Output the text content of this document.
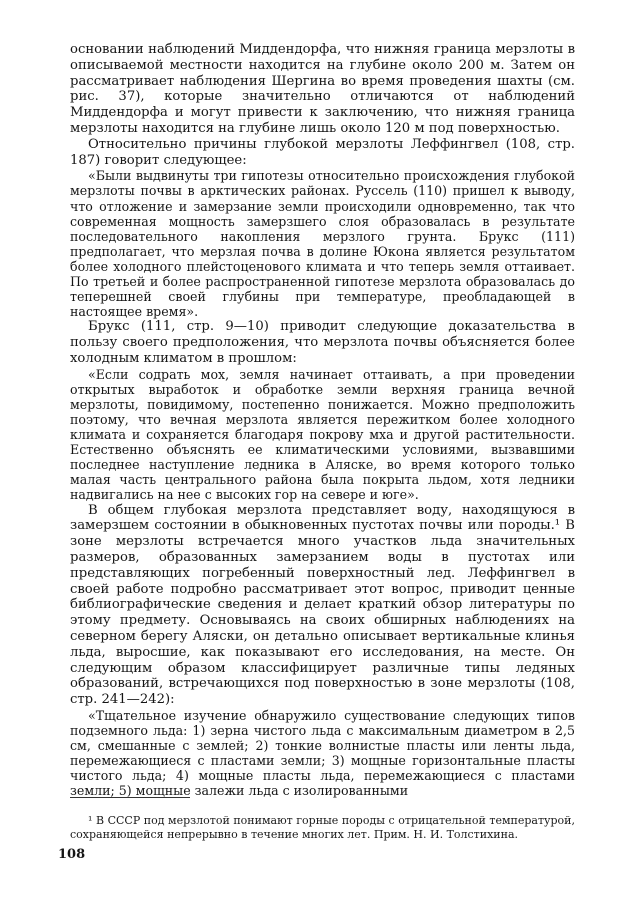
основании наблюдений Миддендорфа, что нижняя граница мерзлоты в описываемой местности находится на глубине около 200 м. Затем он рассматривает наблюдения Шергина во время проведения шахты (см. рис. 37), которые значительно отличаются от наблюдений Миддендорфа и могут привести к заключению, что нижняя граница мерзлоты находится на глубине лишь около 120 м под поверхностью.

Относительно причины глубокой мерзлоты Леффингвел (108, стр. 187) говорит следующее:

«Были выдвинуты три гипотезы относительно происхождения глубокой мерзлоты почвы в арктических районах. Руссель (110) пришел к выводу, что отложение и замерзание земли происходили одновременно, так что современная мощность замерзшего слоя образовалась в результате последовательного накопления мерзлого грунта. Брукс (111) предполагает, что мерзлая почва в долине Юкона является результатом более холодного плейстоценового климата и что теперь земля оттаивает. По третьей и более распространенной гипотезе мерзлота образовалась до теперешней своей глубины при температуре, преобладающей в настоящее время».

Брукс (111, стр. 9—10) приводит следующие доказательства в пользу своего предположения, что мерзлота почвы объясняется более холодным климатом в прошлом:

«Если содрать мох, земля начинает оттаивать, а при проведении открытых выработок и обработке земли верхняя граница вечной мерзлоты, повидимому, постепенно понижается. Можно предположить поэтому, что вечная мерзлота является пережитком более холодного климата и сохраняется благодаря покрову мха и другой растительности. Естественно объяснять ее климатическими условиями, вызвавшими последнее наступление ледника в Аляске, во время которого только малая часть центрального района была покрыта льдом, хотя ледники надвигались на нее с высоких гор на севере и юге».

В общем глубокая мерзлота представляет воду, находящуюся в замерзшем состоянии в обыкновенных пустотах почвы или породы.¹ В зоне мерзлоты встречается много участков льда значительных размеров, образованных замерзанием воды в пустотах или представляющих погребенный поверхностный лед. Леффингвел в своей работе подробно рассматривает этот вопрос, приводит ценные библиографические сведения и делает краткий обзор литературы по этому предмету. Основываясь на своих обширных наблюдениях на северном берегу Аляски, он детально описывает вертикальные клинья льда, выросшие, как показывают его исследования, на месте. Он следующим образом классифицирует различные типы ледяных образований, встречающихся под поверхностью в зоне мерзлоты (108, стр. 241—242):

«Тщательное изучение обнаружило существование следующих типов подземного льда: 1) зерна чистого льда с максимальным диаметром в 2,5 см, смешанные с землей; 2) тонкие волнистые пласты или ленты льда, перемежающиеся с пластами земли; 3) мощные горизонтальные пласты чистого льда; 4) мощные пласты льда, перемежающиеся с пластами земли; 5) мощные залежи льда с изолированными

¹ В СССР под мерзлотой понимают горные породы с отрицательной температурой, сохраняющейся непрерывно в течение многих лет. Прим. Н. И. Толстихина.

108
